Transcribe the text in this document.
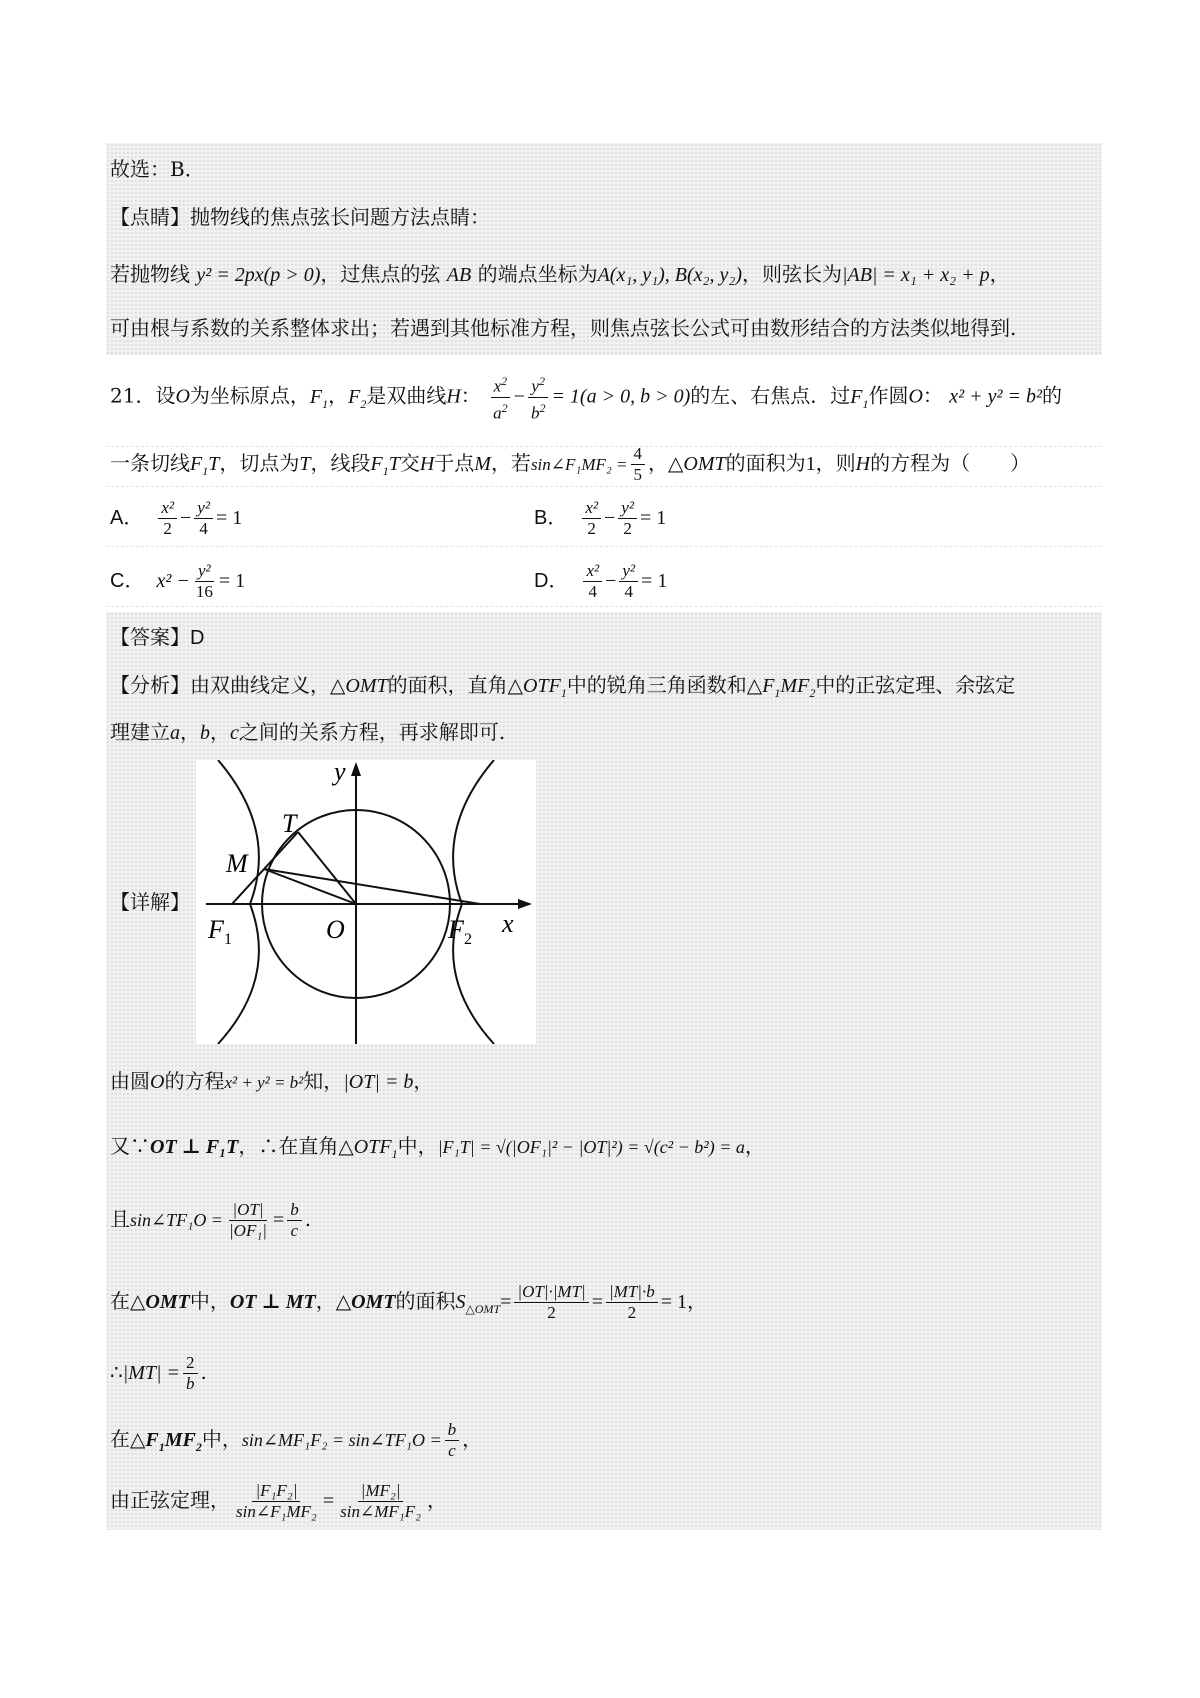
故选：B．
【点睛】抛物线的焦点弦长问题方法点睛：
若抛物线 y² = 2px(p > 0)，过焦点的弦 AB 的端点坐标为A(x₁, y₁), B(x₂, y₂)，则弦长为|AB| = x₁ + x₂ + p，
可由根与系数的关系整体求出；若遇到其他标准方程，则焦点弦长公式可由数形结合的方法类似地得到.
21．设O为坐标原点，$F_1$，$F_2$是双曲线H： $\frac{x^2}{a^2} - \frac{y^2}{b^2} = 1(a > 0$, b > 0)的左、右焦点．过$F_1$作圆O： x² + y² = b²的
一条切线$F_1T$，切点为T，线段$F_1T$交H于点M，若sin∠F₁MF₂ = $\frac{4}{5}$ ，△OMT的面积为1，则H的方程为（　　）
A． $\frac{\text{x²}}{2} - \frac{\text{y²}}{4} = 1$	B． $\frac{\text{x²}}{2} - \frac{\text{y²}}{2} = 1$
C． $x^2 - \frac{\text{y²}}{16} = 1$	D． $\frac{\text{x²}}{4} - \frac{\text{y²}}{4} = 1$
【答案】D
【分析】由双曲线定义，△OMT的面积，直角$\triangle OTF_1$中的锐角三角函数和$\triangle F_1MF_2$中的正弦定理、余弦定
理建立a，b，c之间的关系方程，再求解即可.
【详解】
y
x
T
M
F 1	O	F 2
由圆O的方程x² + y² = b²知，|OT| = b，
又∵OT ⊥ F₁T，∴在直角$\triangle OTF_1$中，|F₁T| = √(|OF₁|² − |OT|²) = √(c² − b²) = a，
且sin∠TF₁O = $\frac{|OT|}{\text{|OF₁|}} = \frac{b}{c}$ .
在△OMT中，OT ⊥ MT，△OMT的面积$S_{\triangle OMT}= \frac{|OT|\cdot|MT|}{2} = \frac{|MT|\cdot b}{2} = 1$，
∴|MT| = $\frac{2}{b}$ .
在$\triangle F_1MF_2$中，sin∠MF₁F₂ = sin∠TF₁O = $\frac{b}{c}$ ，
由正弦定理， $\frac{\text{|F₁F₂|}}{\text{sin∠F₁MF₂}} = \frac{\text{|MF₂|}}{\text{sin∠MF₁F₂}}$ ，
